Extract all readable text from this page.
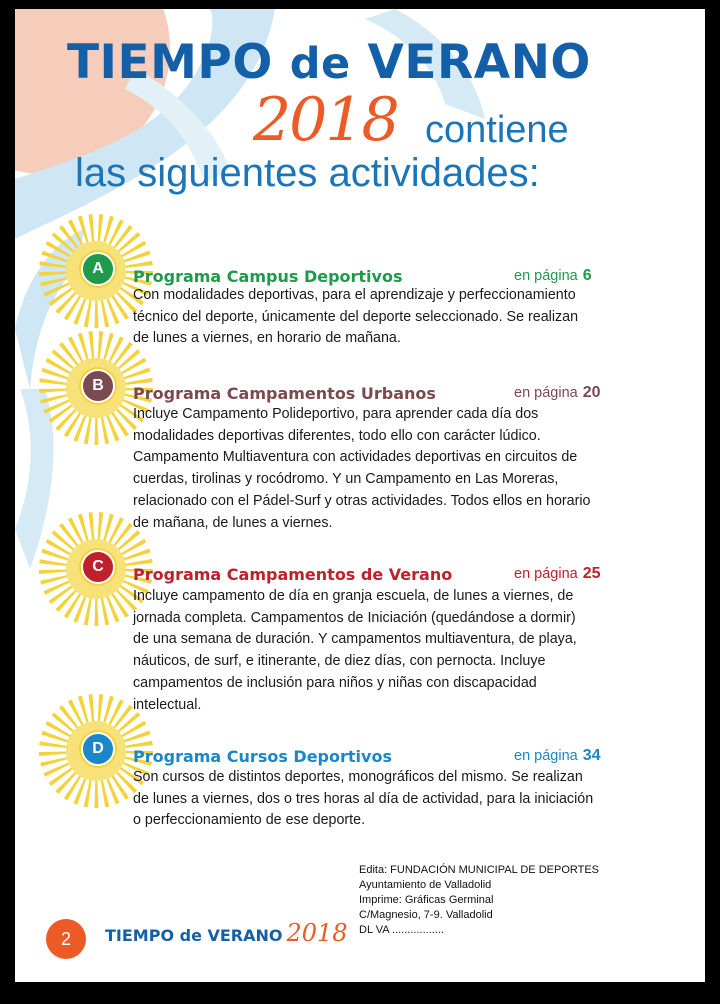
TIEMPO de VERANO
2018 contiene
las siguientes actividades:
A	Programa Campus Deportivos	en página 6
Con modalidades deportivas, para el aprendizaje y perfeccionamiento técnico del deporte, únicamente del deporte seleccionado. Se realizan de lunes a viernes, en horario de mañana.
B	Programa Campamentos Urbanos	en página 20
Incluye Campamento Polideportivo, para aprender cada día dos modalidades deportivas diferentes, todo ello con carácter lúdico. Campamento Multiaventura con actividades deportivas en circuitos de cuerdas, tirolinas y rocódromo. Y un Campamento en Las Moreras, relacionado con el Pádel-Surf y otras actividades. Todos ellos en horario de mañana, de lunes a viernes.
C	Programa Campamentos de Verano	en página 25
Incluye campamento de día en granja escuela, de lunes a viernes, de jornada completa. Campamentos de Iniciación (quedándose a dormir) de una semana de duración. Y campamentos multiaventura, de playa, náuticos, de surf, e itinerante, de diez días, con pernocta. Incluye campamentos de inclusión para niños y niñas con discapacidad intelectual.
D	Programa Cursos Deportivos	en página 34
Son cursos de distintos deportes, monográficos del mismo. Se realizan de lunes a viernes, dos o tres horas al día de actividad, para la iniciación o perfeccionamiento de ese deporte.
Edita: FUNDACIÓN MUNICIPAL DE DEPORTES
Ayuntamiento de Valladolid
Imprime: Gráficas Germinal
C/Magnesio, 7-9. Valladolid
DL VA .................
2	TIEMPO de VERANO 2018
